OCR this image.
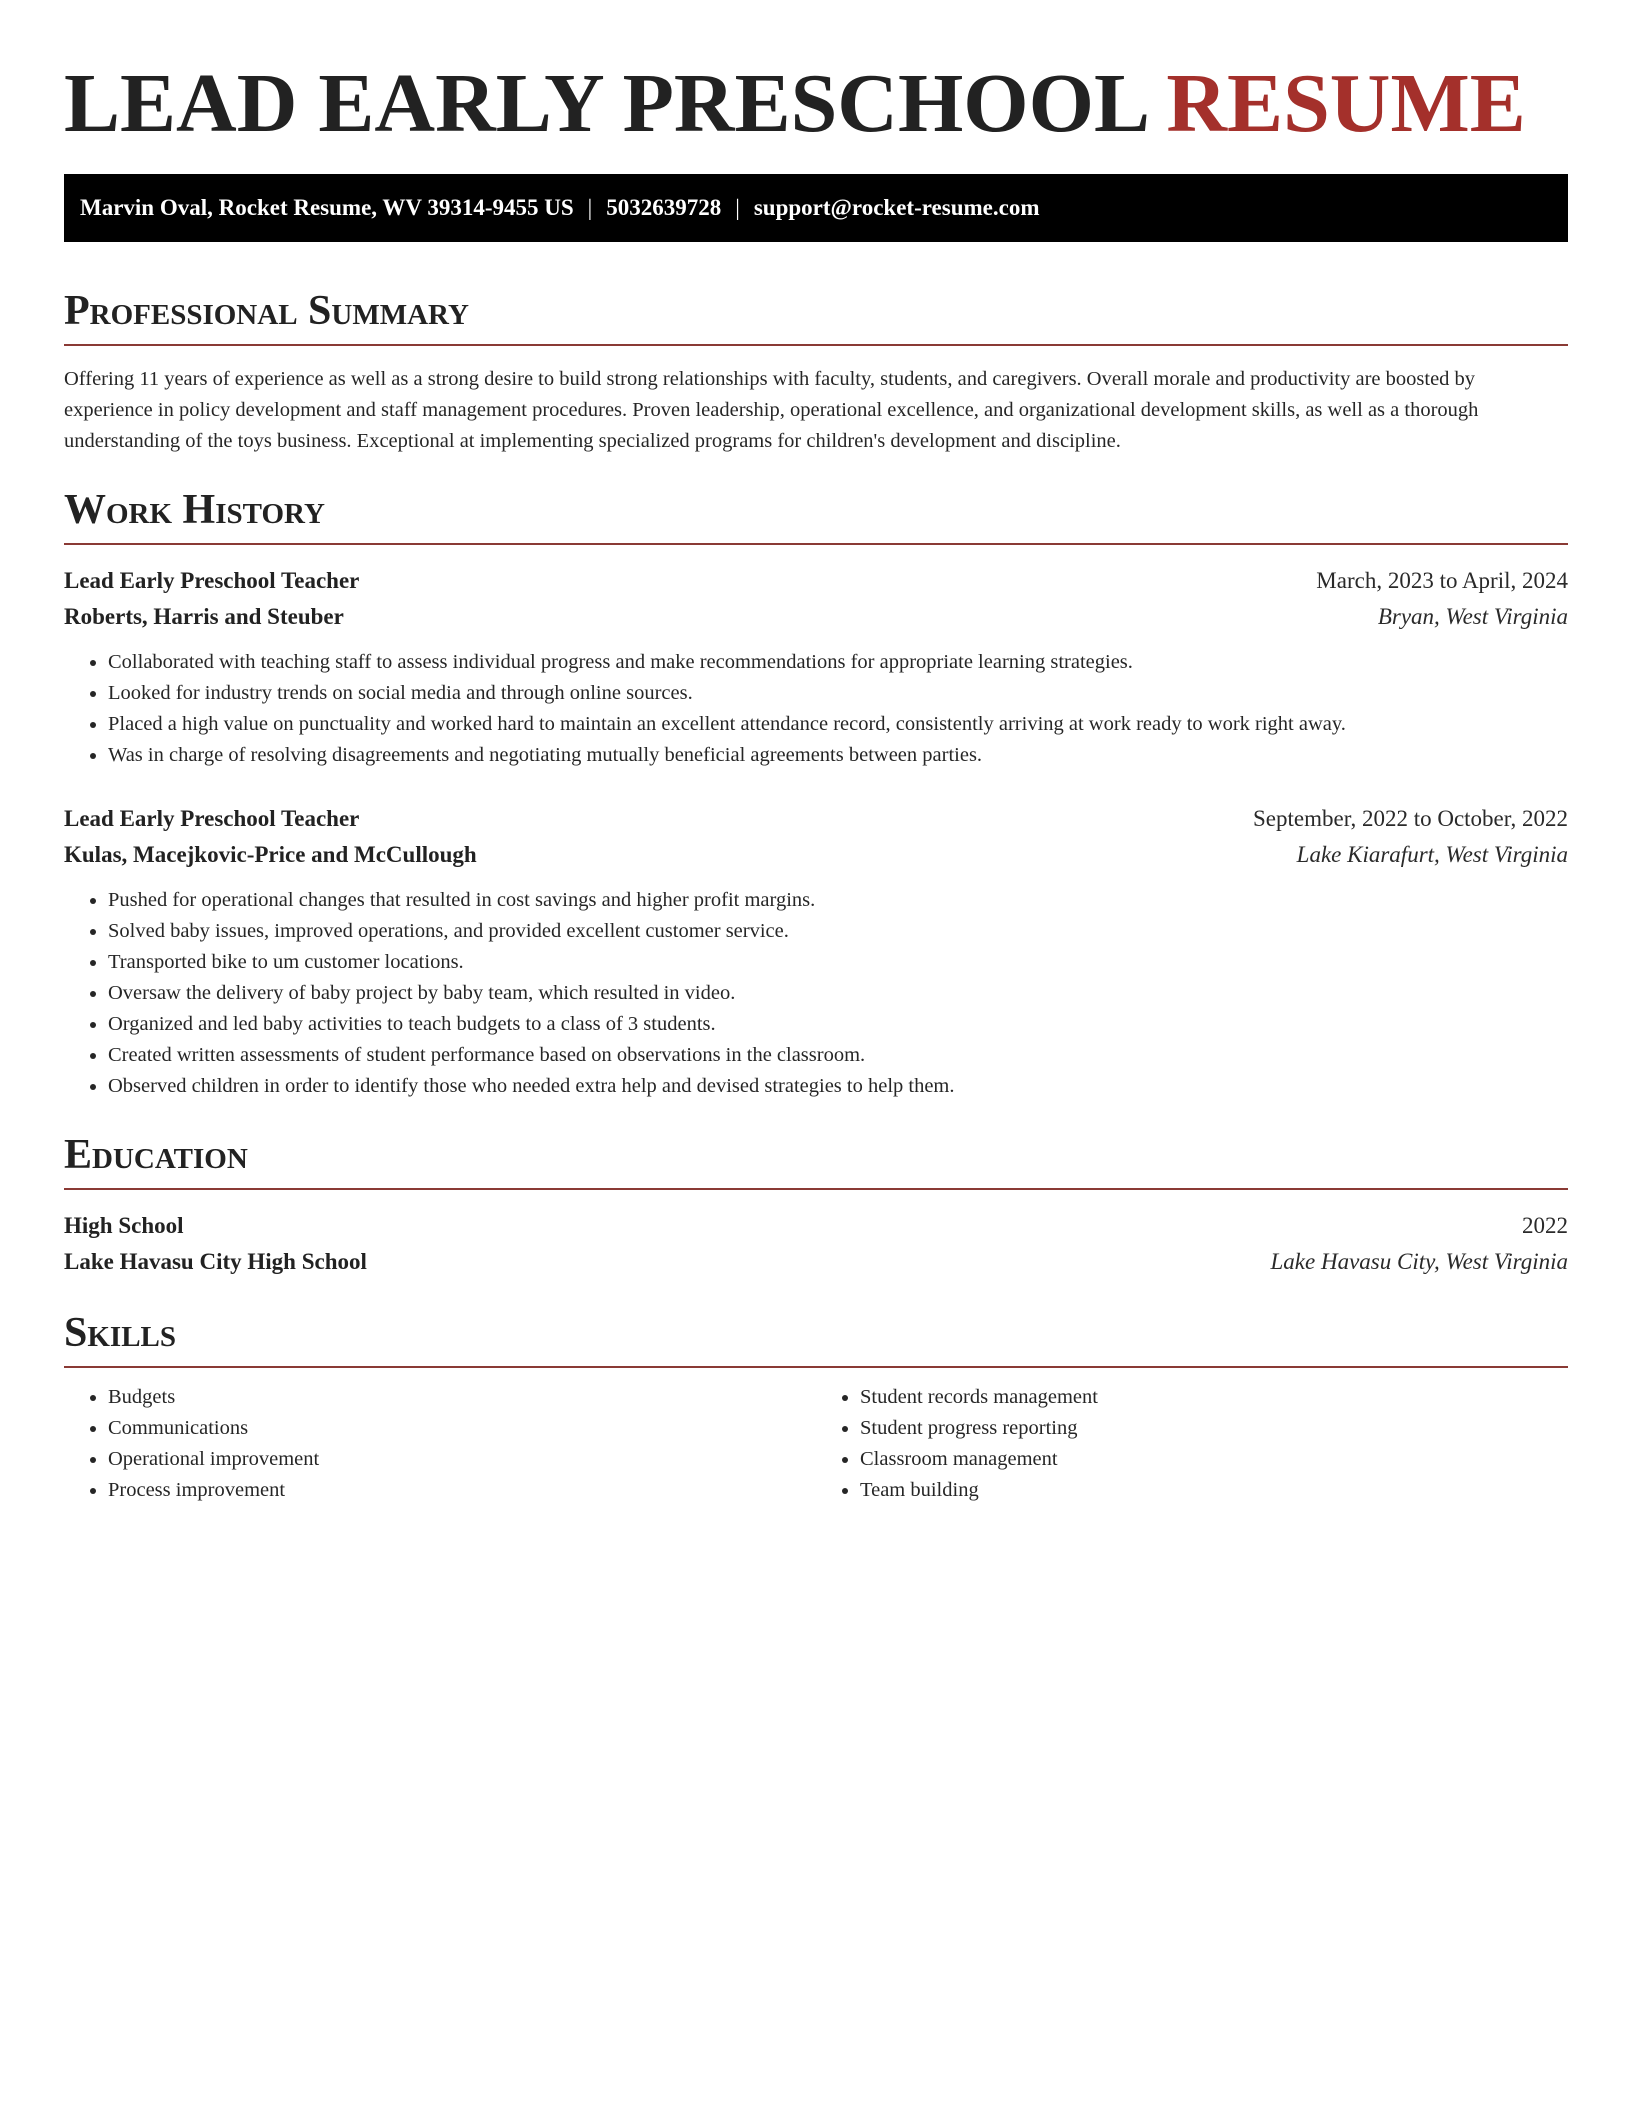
LEAD EARLY PRESCHOOL RESUME
Marvin Oval, Rocket Resume, WV 39314-9455 US | 5032639728 | support@rocket-resume.com
Professional Summary

Offering 11 years of experience as well as a strong desire to build strong relationships with faculty, students, and caregivers. Overall morale and productivity are boosted by experience in policy development and staff management procedures. Proven leadership, operational excellence, and organizational development skills, as well as a thorough understanding of the toys business. Exceptional at implementing specialized programs for children's development and discipline.

Work History
Lead Early Preschool Teacher	March, 2023 to April, 2024
Roberts, Harris and Steuber	Bryan, West Virginia
• Collaborated with teaching staff to assess individual progress and make recommendations for appropriate learning strategies.
• Looked for industry trends on social media and through online sources.
• Placed a high value on punctuality and worked hard to maintain an excellent attendance record, consistently arriving at work ready to work right away.
• Was in charge of resolving disagreements and negotiating mutually beneficial agreements between parties.
Lead Early Preschool Teacher	September, 2022 to October, 2022
Kulas, Macejkovic-Price and McCullough	Lake Kiarafurt, West Virginia
• Pushed for operational changes that resulted in cost savings and higher profit margins.
• Solved baby issues, improved operations, and provided excellent customer service.
• Transported bike to um customer locations.
• Oversaw the delivery of baby project by baby team, which resulted in video.
• Organized and led baby activities to teach budgets to a class of 3 students.
• Created written assessments of student performance based on observations in the classroom.
• Observed children in order to identify those who needed extra help and devised strategies to help them.
Education
High School	2022
Lake Havasu City High School	Lake Havasu City, West Virginia
Skills
• Budgets
• Communications
• Operational improvement
• Process improvement
• Student records management
• Student progress reporting
• Classroom management
• Team building
